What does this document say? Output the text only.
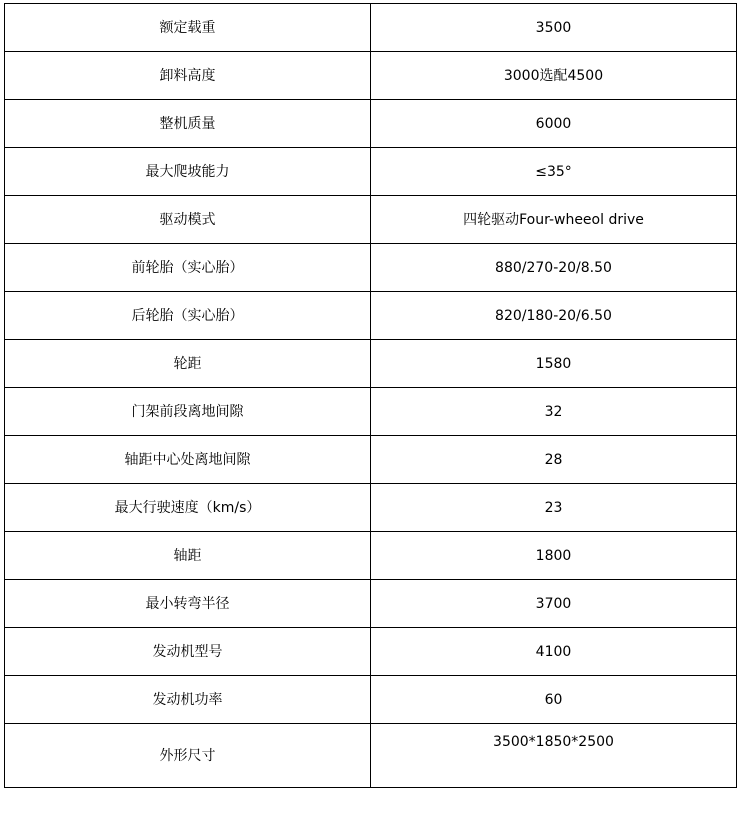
额定载重	3500
卸料高度	3000选配4500
整机质量	6000
最大爬坡能力	≤35°
驱动模式	四轮驱动Four-wheeol drive
前轮胎（实心胎）	880/270-20/8.50
后轮胎（实心胎）	820/180-20/6.50
轮距	1580
门架前段离地间隙	32
轴距中心处离地间隙	28
最大行驶速度（km/s）	23
轴距	1800
最小转弯半径	3700
发动机型号	4100
发动机功率	60
外形尺寸	3500*1850*2500
